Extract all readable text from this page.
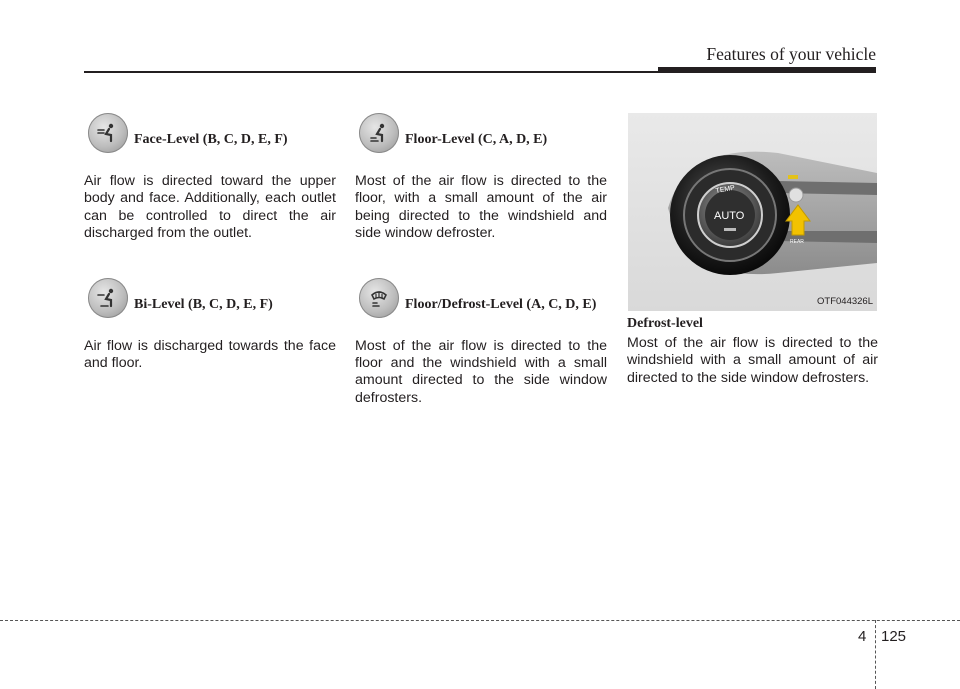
Features of your vehicle
Face-Level (B, C, D, E, F)

Air flow is directed toward the upper body and face. Additionally, each outlet can be controlled to direct the air discharged from the outlet.

Bi-Level (B, C, D, E, F)

Air flow is discharged towards the face and floor.

Floor-Level (C, A, D, E)

Most of the air flow is directed to the floor, with a small amount of the air being directed to the windshield and side window defroster.

Floor/Defrost-Level (A, C, D, E)

Most of the air flow is directed to the floor and the windshield with a small amount directed to the side window defrosters.

AUTO
TEMP
REAR
OTF044326L
Defrost-level

Most of the air flow is directed to the windshield with a small amount of air directed to the side window defrosters.

4 125
